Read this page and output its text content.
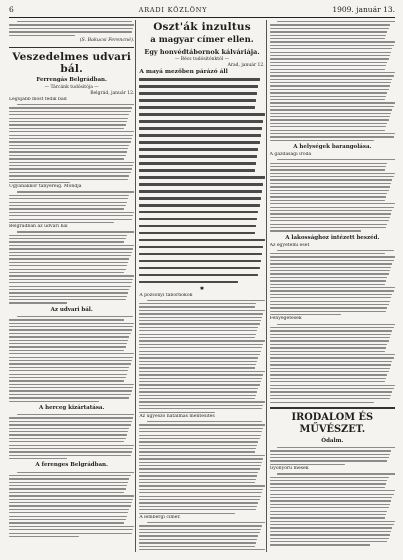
6	ARADI KÖZLÖNY	1909. január 13.
(S. Bakucsi Ferencné).
Veszedelmes udvari bál.
Ferrengás Belgrádban.
— Tárcánk tudósitója —
Belgrád, január 12.
Legujabb most fedik bad
Ugyanakkor tányéréig. Mondja
Belgrádban az udvari bál
Az udvari bál.
A herceg kizártatása.
A ferenges Belgrádban.
Oszt'ák inzultus
a magyar címer ellen.
Egy honvédtábornok kálváriája.
— Bécs tudósitónktól —
Arad, január 12.
A mayá mezőben párázó áll
✱
A pozsonyi tábornokok
Az ügyésző hatalmas mentesítés
A lembergi cimer.
A helységek barangolása.
A gazdasági iroda
A lakossághoz intézett beszéd.
Az egyetemi eset
Fenyegetések
IRODALOM ÉS MŰVÉSZET.
Ódalm.
Gyönyörű mesék
